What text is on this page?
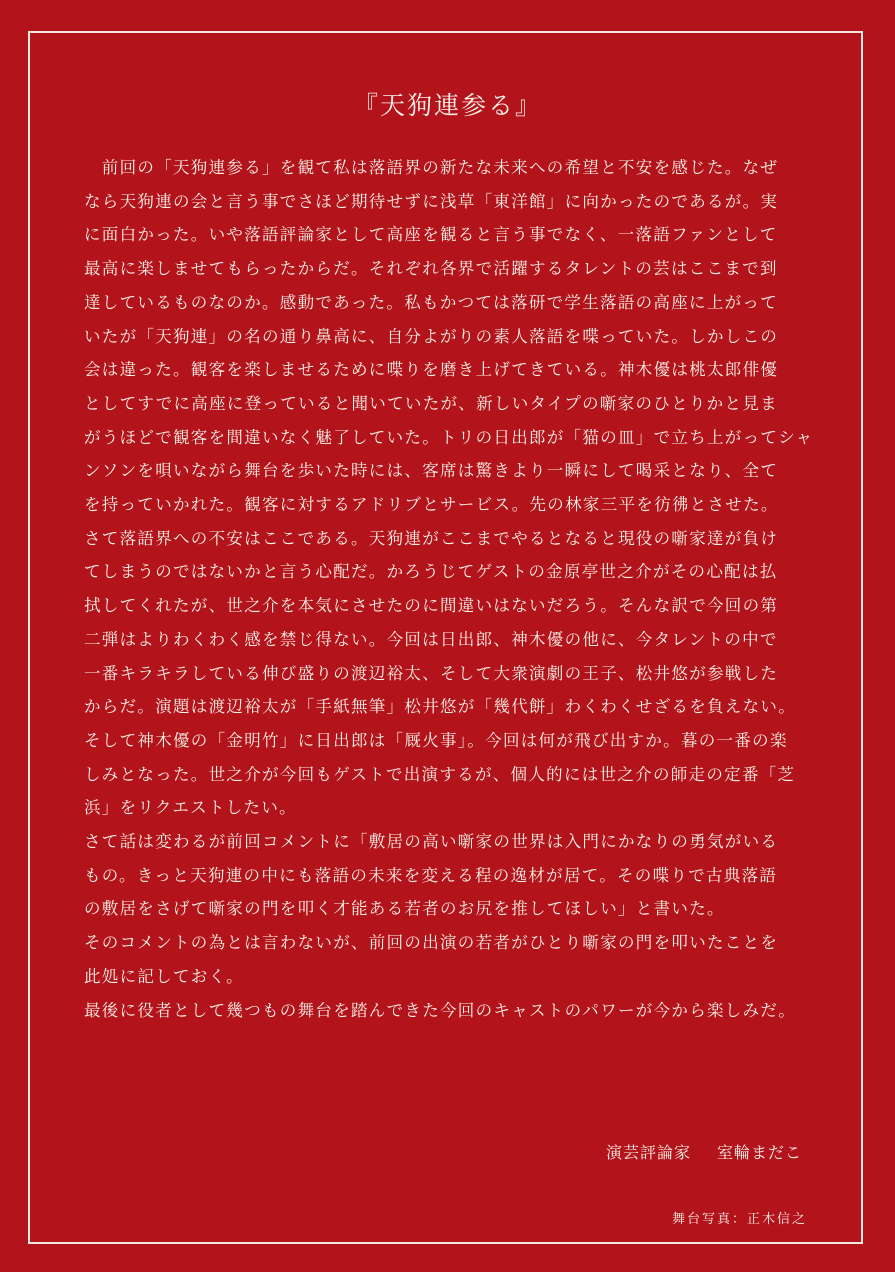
『天狗連参る』

　前回の「天狗連参る」を観て私は落語界の新たな未来への希望と不安を感じた。なぜ

なら天狗連の会と言う事でさほど期待せずに浅草「東洋館」に向かったのであるが。実

に面白かった。いや落語評論家として高座を観ると言う事でなく、一落語ファンとして

最高に楽しませてもらったからだ。それぞれ各界で活躍するタレントの芸はここまで到

達しているものなのか。感動であった。私もかつては落研で学生落語の高座に上がって

いたが「天狗連」の名の通り鼻高に、自分よがりの素人落語を喋っていた。しかしこの

会は違った。観客を楽しませるために喋りを磨き上げてきている。神木優は桃太郎俳優

としてすでに高座に登っていると聞いていたが、新しいタイプの噺家のひとりかと見ま

がうほどで観客を間違いなく魅了していた。トリの日出郎が「猫の皿」で立ち上がってシャ

ンソンを唄いながら舞台を歩いた時には、客席は驚きより一瞬にして喝采となり、全て

を持っていかれた。観客に対するアドリブとサービス。先の林家三平を彷彿とさせた。

さて落語界への不安はここである。天狗連がここまでやるとなると現役の噺家達が負け

てしまうのではないかと言う心配だ。かろうじてゲストの金原亭世之介がその心配は払

拭してくれたが、世之介を本気にさせたのに間違いはないだろう。そんな訳で今回の第

二弾はよりわくわく感を禁じ得ない。今回は日出郎、神木優の他に、今タレントの中で

一番キラキラしている伸び盛りの渡辺裕太、そして大衆演劇の王子、松井悠が参戦した

からだ。演題は渡辺裕太が「手紙無筆」松井悠が「幾代餅」わくわくせざるを負えない。

そして神木優の「金明竹」に日出郎は「厩火事」。今回は何が飛び出すか。暮の一番の楽

しみとなった。世之介が今回もゲストで出演するが、個人的には世之介の師走の定番「芝

浜」をリクエストしたい。

さて話は変わるが前回コメントに「敷居の高い噺家の世界は入門にかなりの勇気がいる

もの。きっと天狗連の中にも落語の未来を変える程の逸材が居て。その喋りで古典落語

の敷居をさげて噺家の門を叩く才能ある若者のお尻を推してほしい」と書いた。

そのコメントの為とは言わないが、前回の出演の若者がひとり噺家の門を叩いたことを

此処に記しておく。

最後に役者として幾つもの舞台を踏んできた今回のキャストのパワーが今から楽しみだ。

演芸評論家 室輪まだこ
舞台写真：正木信之
